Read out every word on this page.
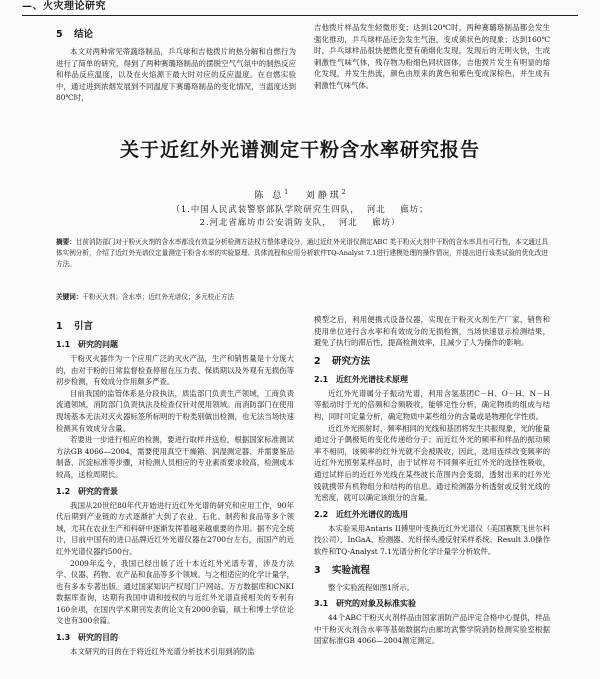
—、火灾理论研究
5 结论

本文对两种常见蒂蔬络制品，乒乓球和吉他拨片的热分解和自燃行为进行了简单的研究，得到了两种赛璐珞制品的摆脱空气气氛中的制热反应和样品反应温度，以及在火焰源下最大时对应的反应温度。在自燃实验中，通过进到浓烟发展到不同温度下赛璐珞制品的变化情况，当温度达到80℃时，

吉他拨片样品发生轻微形变；达到120℃时，两种赛璐珞制品都会发生强化推动，乒乓球样品还会发生气泡，变成须状色的现象；达到160℃时，乒乓球样品很快便燃化塑有硝烟化发现，发现后的无明火快，生成刺激性气味气体，残存物为粉细色同状固体，吉他拨片发生有明显的熔化发现，并发生热流，颜色由原来的黄色和紫色变成深棕色，并生成有刺激性气味气体。

关于近红外光谱测定干粉含水率研究报告
陈 总$^1$ 刘静琪$^2$
（1.中国人民武装警察部队学院研究生四队，  河北    廊坊；
2.河北省廊坊市公安消防支队，  河北    廊坊）
摘要：目前消防部门对于粉灭火剂的含水率都没有效益分析检测方法权方整体建设分，通过近红外光谱仪测定ABC 类干粉灭火剂中干粉的含水率具有可行性，本文通过具体实例分析，介绍了近红外光谱仪定量测定干粉含水率的实验原理、具体流程和应用分析软件TQ-Analyst 7.1进行建模处理的操作情况，并提出进行该类试验的优化改进方法。
关键词：干粉灭火剂；含水率；近红外光谱仪；多元校正方法
1 引言
1.1 研究的问题

干粉灭火器作为一个应用广泛的灭火产品，生产和销售量是十分庞大的，由对干粉的日常监督检查停留在压力表、保质期以及外观有无损伤等初步检测，有效成分作用颇多严查。

目前我国的监管体系是分段执法，质监部门负责生产领域，工商负责流通领域，消防部门负责执法及检查仅针对使用领域。而消防部门在使用现场基本无法对灭火器标签所标明的干粉类别做出检测，也无法当场快速检测其有效成分含量。

若要进一步进行相应的检测，要进行取样并送检，根据国家标准测试方法GB 4066—2004，需要使用真空干燥箱、润湿测定器、并需要鉴品制备、沉淀标准等步骤，对检测人员相应的专业素质要求较高，检测成本较高，送检周期长。

1.2 研究的背景

我国从20世纪80年代开始进行近红外光谱的研究和应用工作，90年代后期到产业链的方式逐渐扩大到了农业、石化、制药和食品等多个领域，尤其在农业生产和科研中逐渐发挥着越来越重要的作用。据不完全统计，目前中国有的进口品牌近红外光谱仪器在2700台左右，而国产的近红外光谱仪器约500台。

2009年迄今，我国已经出版了近十本近红外光谱专著，涉及方法学、仪器、药物、农产品和食品等多个领域。与之相适应的化学计量学，也有多本专著出版。通过国家知识产权局门户网站、万方数据库和CNKI数据库查询，达期有我国申请和授权的与近红外光谱直接相关的专利有160余项，在国内学术期刊发表的论文有2000余篇，硕士和博士学位论文也有300余篇。

1.3 研究的目的

本文研究的目的在于将近红外光谱分析技术引用到消防监

模型之后，利用便携式设备仪器，实现在干粉灭火剂生产厂家、销售和使用单位进行含水率和有效成分的无损检测，当场快速显示检测结果，避免了执行的滞后性，提高检测效率，且减少了人为操作的影响。

2 研究方法
2.1 近红外光谱技术原理

近红外光谱属分子振动光谱，利用含氢基团C－H、O－H、N－H等振动时于光的倍频和合频吸收，能够定性分析，确定物质的组成与结构，同时可定量分析，确定物质中某些组分的含量或是物理化学性质。

近红外光照射时，频率相同的光线和基团将发生共振现象，光的能量通过分子偶极矩的变化传递给分子；而近红外光的频率和样品的振动频率不相同，该频率的红外光就不会被吸收，因此，选用连续改变频率的近红外光照射某样品时，由于试样对不同频率近红外光的选择性吸收，通过试样后的近红外光线在某些波长范围内会变弱，透射出来的红外光线就携带有机物组分和结构的信息。通过检测器分析透射或反射光线的光密度，就可以确定该组分的含量。

2.2 近红外光谱仪的选用

本实验采用Antaris II傅里叶变换近红外光谱仪（美国赛默飞世尔科技公司），InGaA、检测器、光纤探头漫反射采样系统、Result 3.0操作软件和TQ-Analyst 7.1光谱分析化学计量学分析软件。

3 实验流程

整个实验流程如图1所示。

3.1 研究的对象及标准实验

44个ABC干粉灭火剂样品由国家消防产品评定合格中心提供，样品中干粉灭火剂含水率等基础数据均由廊坊武警学院消防检测实验室根据国家标准GB 4066—2004测定测定。
